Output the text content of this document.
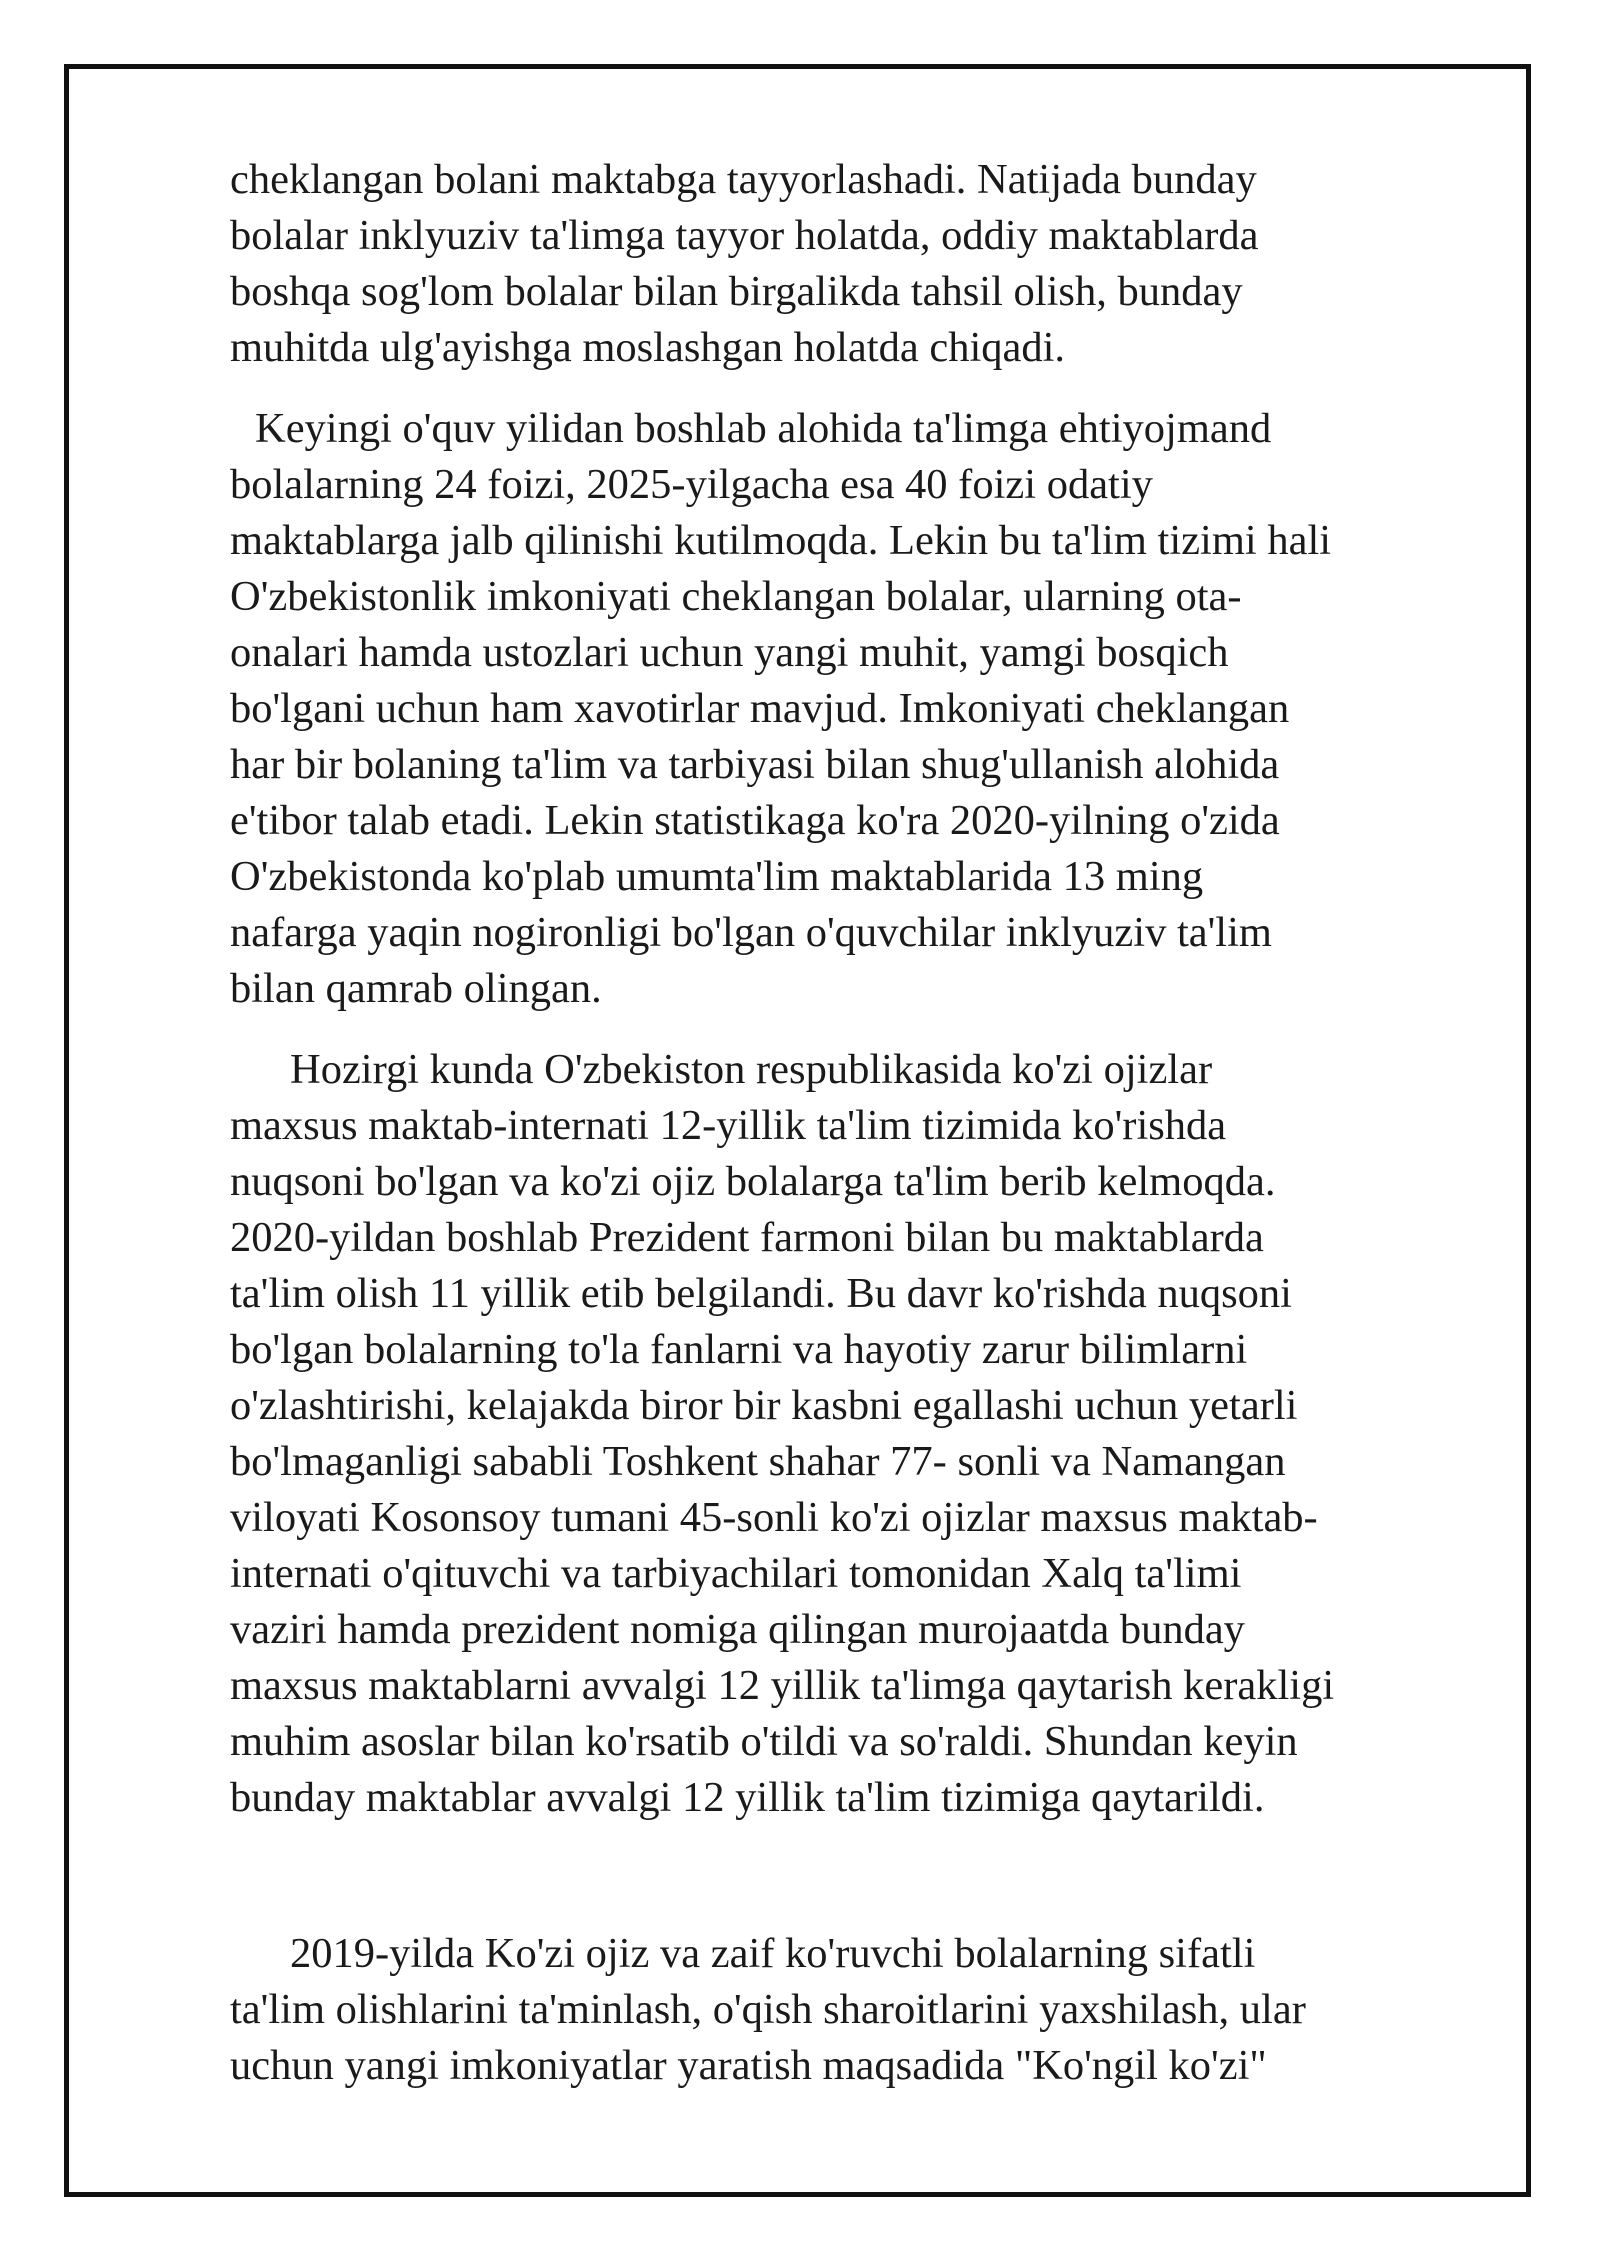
cheklangan bolani maktabga tayyorlashadi. Natijada bunday
bolalar inklyuziv ta'limga tayyor holatda, oddiy maktablarda
boshqa sog'lom bolalar bilan birgalikda tahsil olish, bunday
muhitda ulg'ayishga moslashgan holatda chiqadi.

Keyingi o'quv yilidan boshlab alohida ta'limga ehtiyojmand
bolalarning 24 foizi, 2025-yilgacha esa 40 foizi odatiy
maktablarga jalb qilinishi kutilmoqda. Lekin bu ta'lim tizimi hali
O'zbekistonlik imkoniyati cheklangan bolalar, ularning ota-
onalari hamda ustozlari uchun yangi muhit, yamgi bosqich
bo'lgani uchun ham xavotirlar mavjud. Imkoniyati cheklangan
har bir bolaning ta'lim va tarbiyasi bilan shug'ullanish alohida
e'tibor talab etadi. Lekin statistikaga ko'ra 2020-yilning o'zida
O'zbekistonda ko'plab umumta'lim maktablarida 13 ming
nafarga yaqin nogironligi bo'lgan o'quvchilar inklyuziv ta'lim
bilan qamrab olingan.

Hozirgi kunda O'zbekiston respublikasida ko'zi ojizlar
maxsus maktab-internati 12-yillik ta'lim tizimida ko'rishda
nuqsoni bo'lgan va ko'zi ojiz bolalarga ta'lim berib kelmoqda.
2020-yildan boshlab Prezident farmoni bilan bu maktablarda
ta'lim olish 11 yillik etib belgilandi. Bu davr ko'rishda nuqsoni
bo'lgan bolalarning to'la fanlarni va hayotiy zarur bilimlarni
o'zlashtirishi, kelajakda biror bir kasbni egallashi uchun yetarli
bo'lmaganligi sababli Toshkent shahar 77- sonli va Namangan
viloyati Kosonsoy tumani 45-sonli ko'zi ojizlar maxsus maktab-
internati o'qituvchi va tarbiyachilari tomonidan Xalq ta'limi
vaziri hamda prezident nomiga qilingan murojaatda bunday
maxsus maktablarni avvalgi 12 yillik ta'limga qaytarish kerakligi
muhim asoslar bilan ko'rsatib o'tildi va so'raldi. Shundan keyin
bunday maktablar avvalgi 12 yillik ta'lim tizimiga qaytarildi.

2019-yilda Ko'zi ojiz va zaif ko'ruvchi bolalarning sifatli
ta'lim olishlarini ta'minlash, o'qish sharoitlarini yaxshilash, ular
uchun yangi imkoniyatlar yaratish maqsadida "Ko'ngil ko'zi"
